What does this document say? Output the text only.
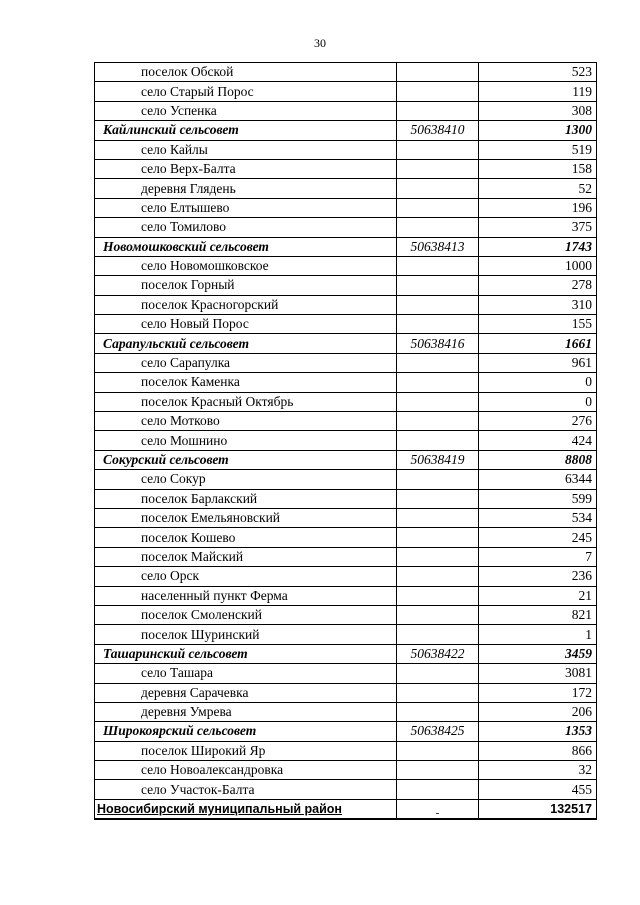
30
поселок Обской		523
село Старый Порос		119
село Успенка		308
Кайлинский сельсовет	50638410	1300
село Кайлы		519
село Верх-Балта		158
деревня Глядень		52
село Елтышево		196
село Томилово		375
Новомошковский сельсовет	50638413	1743
село Новомошковское		1000
поселок Горный		278
поселок Красногорский		310
село Новый Порос		155
Сарапульский сельсовет	50638416	1661
село Сарапулка		961
поселок Каменка		0
поселок Красный Октябрь		0
село Мотково		276
село Мошнино		424
Сокурский сельсовет	50638419	8808
село Сокур		6344
поселок Барлакский		599
поселок Емельяновский		534
поселок Кошево		245
поселок Майский		7
село Орск		236
населенный пункт Ферма		21
поселок Смоленский		821
поселок Шуринский		1
Ташаринский сельсовет	50638422	3459
село Ташара		3081
деревня Сарачевка		172
деревня Умрева		206
Широкоярский сельсовет	50638425	1353
поселок Широкий Яр		866
село Новоалександровка		32
село Участок-Балта		455
Новосибирский муниципальный район	-	132517
